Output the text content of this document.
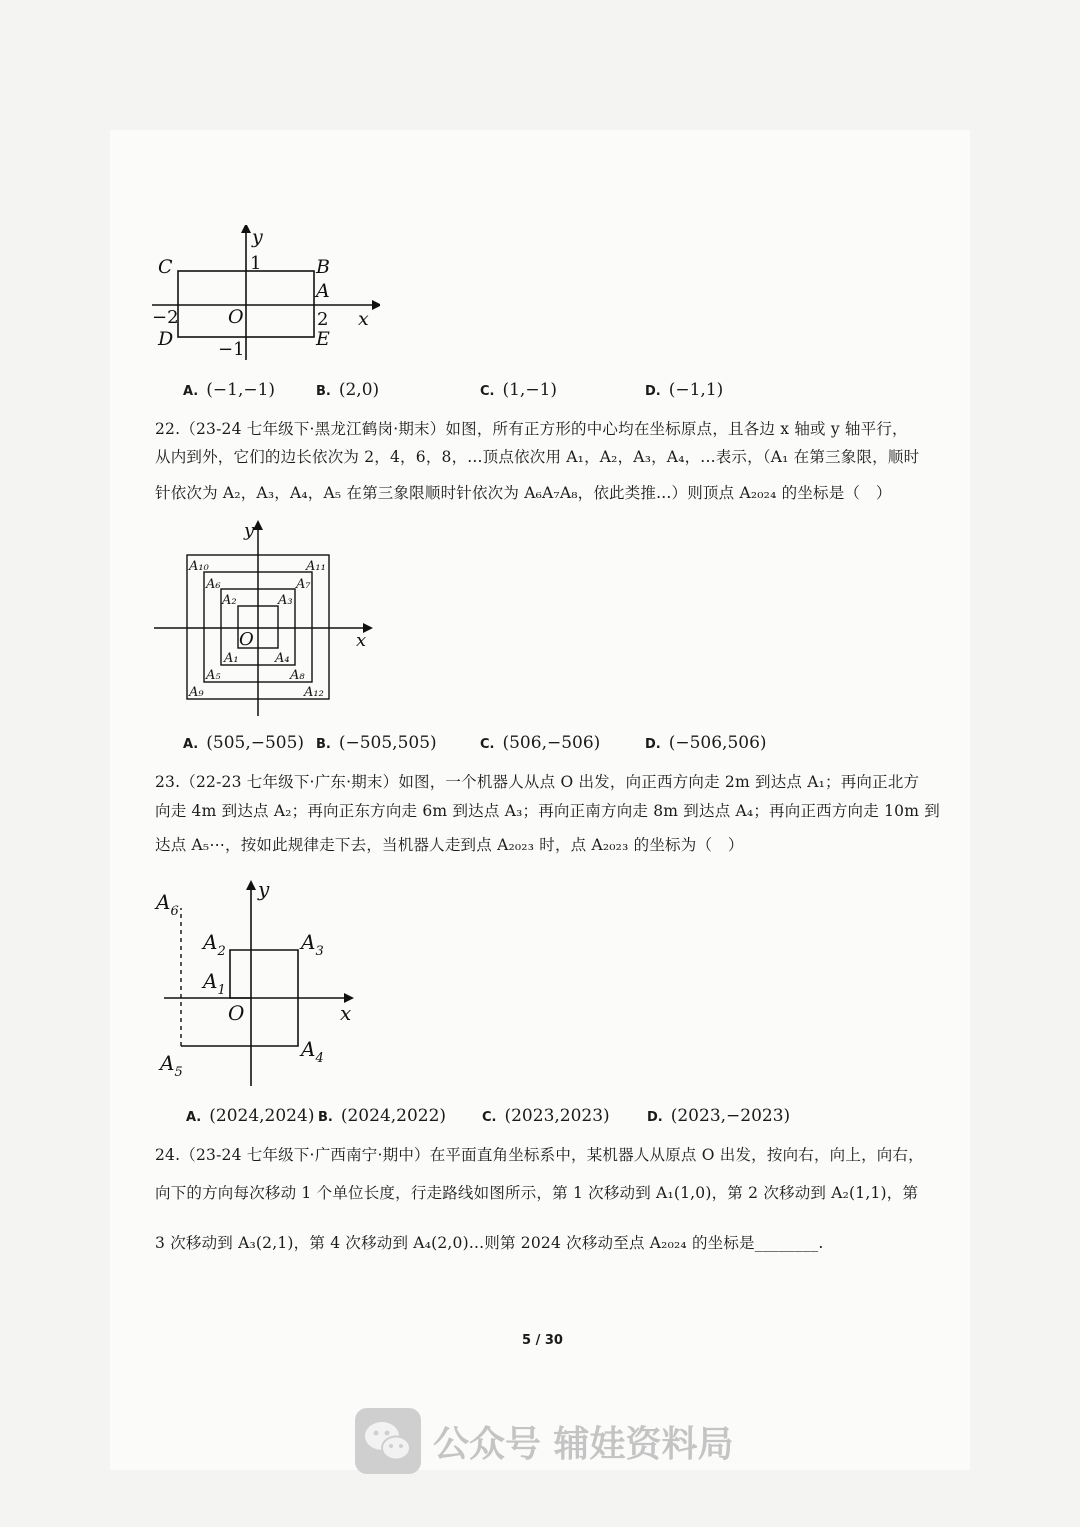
y
x
1
−1
2
−2	O
C	B
A
D	E
A. (−1,−1)	B. (2,0)	C. (1,−1)	D. (−1,1)
22.（23-24 七年级下·黑龙江鹤岗·期末）如图，所有正方形的中心均在坐标原点，且各边 x 轴或 y 轴平行，
从内到外，它们的边长依次为 2，4，6，8，...顶点依次用 A₁，A₂，A₃，A₄，...表示，（A₁ 在第三象限，顺时
针依次为 A₂，A₃，A₄，A₅ 在第三象限顺时针依次为 A₆A₇A₈，依此类推...）则顶点 A₂₀₂₄ 的坐标是（　）
y
x
O
A₁₀	A₁₁
A₆	A₇
A₂	A₃
A₁	A₄
A₅	A₈
A₉	A₁₂
A. (505,−505) B. (−505,505)	C. (506,−506)	D. (−506,506)
23.（22-23 七年级下·广东·期末）如图，一个机器人从点 O 出发，向正西方向走 2m 到达点 A₁；再向正北方
向走 4m 到达点 A₂；再向正东方向走 6m 到达点 A₃；再向正南方向走 8m 到达点 A₄；再向正西方向走 10m 到
达点 A₅⋯，按如此规律走下去，当机器人走到点 A₂₀₂₃ 时，点 A₂₀₂₃ 的坐标为（　）
y
x
O
$A_6$
$A_2$	$A_3$
$A_1$
$A_5$
$A_4$
A. (2024,2024) B. (2024,2022)	C. (2023,2023)	D. (2023,−2023)
24.（23-24 七年级下·广西南宁·期中）在平面直角坐标系中，某机器人从原点 O 出发，按向右，向上，向右，
向下的方向每次移动 1 个单位长度，行走路线如图所示，第 1 次移动到 A₁(1,0)，第 2 次移动到 A₂(1,1)，第
3 次移动到 A₃(2,1)，第 4 次移动到 A₄(2,0)...则第 2024 次移动至点 A₂₀₂₄ 的坐标是________.
5 / 30
公众号 辅娃资料局
